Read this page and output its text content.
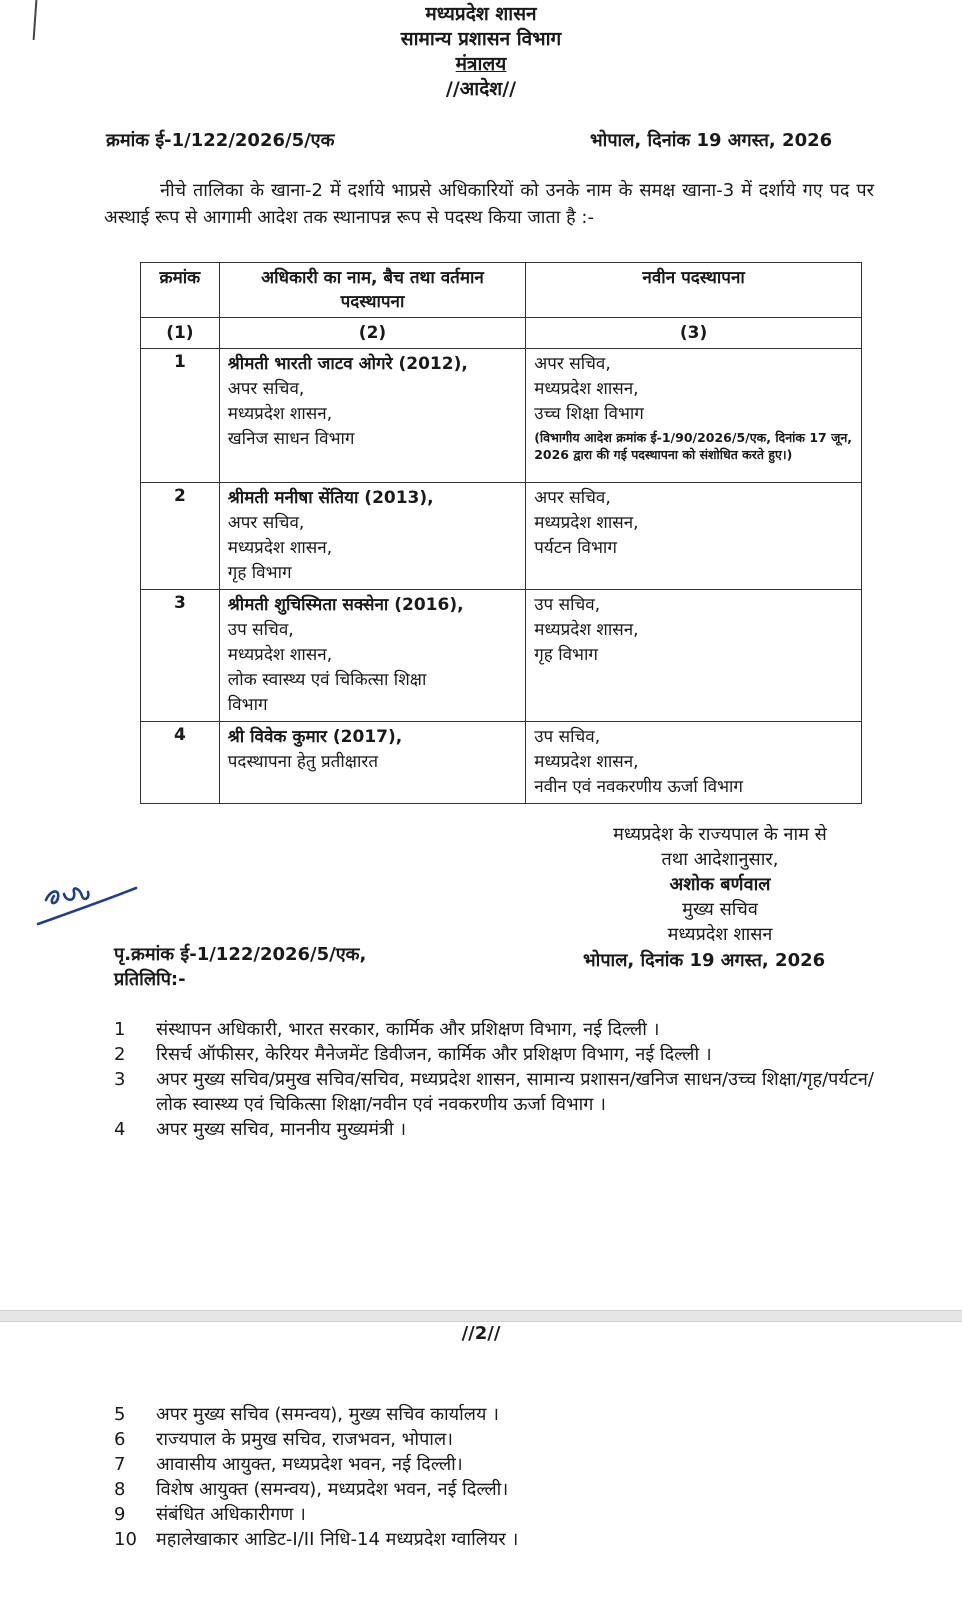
मध्यप्रदेश शासन
सामान्य प्रशासन विभाग
मंत्रालय
//आदेश//
क्रमांक ई-1/122/2026/5/एक	भोपाल, दिनांक 19 अगस्त, 2026

नीचे तालिका के खाना-2 में दर्शाये भाप्रसे अधिकारियों को उनके नाम के समक्ष खाना-3 में दर्शाये गए पद पर अस्थाई रूप से आगामी आदेश तक स्थानापन्न रूप से पदस्थ किया जाता है :-

क्रमांक	अधिकारी का नाम, बैच तथा वर्तमान पदस्थापना	नवीन पदस्थापना
(1)	(2)	(3)
1	श्रीमती भारती जाटव ओगरे (2012),
अपर सचिव,
मध्यप्रदेश शासन,
खनिज साधन विभाग	अपर सचिव,
मध्यप्रदेश शासन,
उच्च शिक्षा विभाग
(विभागीय आदेश क्रमांक ई-1/90/2026/5/एक, दिनांक 17 जून, 2026 द्वारा की गई पदस्थापना को संशोधित करते हुए।)

2	श्रीमती मनीषा सेंतिया (2013),
अपर सचिव,
मध्यप्रदेश शासन,
गृह विभाग	अपर सचिव,
मध्यप्रदेश शासन,
पर्यटन विभाग

3	श्रीमती शुचिस्मिता सक्सेना (2016),
उप सचिव,
मध्यप्रदेश शासन,
लोक स्वास्थ्य एवं चिकित्सा शिक्षा
विभाग	उप सचिव,
मध्यप्रदेश शासन,
गृह विभाग

4	श्री विवेक कुमार (2017),
पदस्थापना हेतु प्रतीक्षारत	उप सचिव,
मध्यप्रदेश शासन,
नवीन एवं नवकरणीय ऊर्जा विभाग
मध्यप्रदेश के राज्यपाल के नाम से
तथा आदेशानुसार,
अशोक बर्णवाल
मुख्य सचिव
मध्यप्रदेश शासन
पृ.क्रमांक ई-1/122/2026/5/एक,
प्रतिलिपि:-
भोपाल, दिनांक 19 अगस्त, 2026
1	संस्थापन अधिकारी, भारत सरकार, कार्मिक और प्रशिक्षण विभाग, नई दिल्ली ।
2	रिसर्च ऑफीसर, केरियर मैनेजमेंट डिवीजन, कार्मिक और प्रशिक्षण विभाग, नई दिल्ली ।
3	अपर मुख्य सचिव/प्रमुख सचिव/सचिव, मध्यप्रदेश शासन, सामान्य प्रशासन/खनिज साधन/उच्च शिक्षा/गृह/पर्यटन/लोक स्वास्थ्य एवं चिकित्सा शिक्षा/नवीन एवं नवकरणीय ऊर्जा विभाग ।
4	अपर मुख्य सचिव, माननीय मुख्यमंत्री ।
//2//
5	अपर मुख्य सचिव (समन्वय), मुख्य सचिव कार्यालय ।
6	राज्यपाल के प्रमुख सचिव, राजभवन, भोपाल।
7	आवासीय आयुक्त, मध्यप्रदेश भवन, नई दिल्ली।
8	विशेष आयुक्त (समन्वय), मध्यप्रदेश भवन, नई दिल्ली।
9	संबंधित अधिकारीगण ।
10	महालेखाकार आडिट-I/II निधि-14 मध्यप्रदेश ग्वालियर ।
